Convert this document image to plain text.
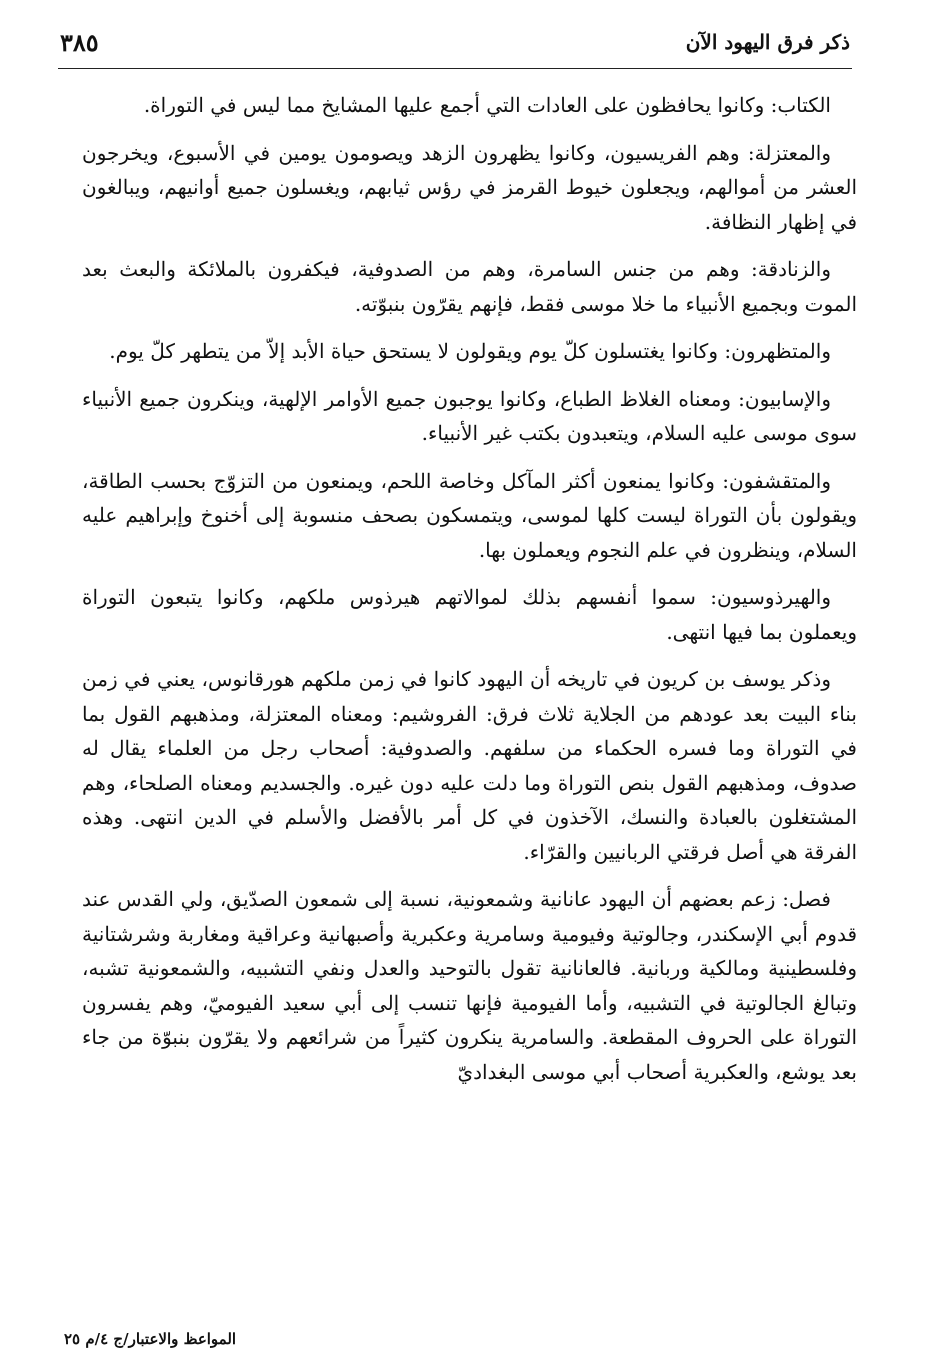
ذكر فرق اليهود الآن
٣٨٥

الكتاب: وكانوا يحافظون على العادات التي أجمع عليها المشايخ مما ليس في التوراة.

والمعتزلة: وهم الفريسيون، وكانوا يظهرون الزهد ويصومون يومين في الأسبوع، ويخرجون العشر من أموالهم، ويجعلون خيوط القرمز في رؤس ثيابهم، ويغسلون جميع أوانيهم، ويبالغون في إظهار النظافة.

والزنادقة: وهم من جنس السامرة، وهم من الصدوفية، فيكفرون بالملائكة والبعث بعد الموت وبجميع الأنبياء ما خلا موسى فقط، فإنهم يقرّون بنبوّته.

والمتظهرون: وكانوا يغتسلون كلّ يوم ويقولون لا يستحق حياة الأبد إلاّ من يتطهر كلّ يوم.

والإسابيون: ومعناه الغلاظ الطباع، وكانوا يوجبون جميع الأوامر الإلهية، وينكرون جميع الأنبياء سوى موسى عليه السلام، ويتعبدون بكتب غير الأنبياء.

والمتقشفون: وكانوا يمنعون أكثر المآكل وخاصة اللحم، ويمنعون من التزوّج بحسب الطاقة، ويقولون بأن التوراة ليست كلها لموسى، ويتمسكون بصحف منسوبة إلى أخنوخ وإبراهيم عليه السلام، وينظرون في علم النجوم ويعملون بها.

والهيرذوسيون: سموا أنفسهم بذلك لموالاتهم هيرذوس ملكهم، وكانوا يتبعون التوراة ويعملون بما فيها انتهى.

وذكر يوسف بن كريون في تاريخه أن اليهود كانوا في زمن ملكهم هورقانوس، يعني في زمن بناء البيت بعد عودهم من الجلاية ثلاث فرق: الفروشيم: ومعناه المعتزلة، ومذهبهم القول بما في التوراة وما فسره الحكماء من سلفهم. والصدوفية: أصحاب رجل من العلماء يقال له صدوف، ومذهبهم القول بنص التوراة وما دلت عليه دون غيره. والجسديم ومعناه الصلحاء، وهم المشتغلون بالعبادة والنسك، الآخذون في كل أمر بالأفضل والأسلم في الدين انتهى. وهذه الفرقة هي أصل فرقتي الربانيين والقرّاء.

فصل: زعم بعضهم أن اليهود عانانية وشمعونية، نسبة إلى شمعون الصدّيق، ولي القدس عند قدوم أبي الإسكندر، وجالوتية وفيومية وسامرية وعكبرية وأصبهانية وعراقية ومغاربة وشرشتانية وفلسطينية ومالكية وربانية. فالعانانية تقول بالتوحيد والعدل ونفي التشبيه، والشمعونية تشبه، وتبالغ الجالوتية في التشبيه، وأما الفيومية فإنها تنسب إلى أبي سعيد الفيوميّ، وهم يفسرون التوراة على الحروف المقطعة. والسامرية ينكرون كثيراً من شرائعهم ولا يقرّون بنبوّة من جاء بعد يوشع، والعكبرية أصحاب أبي موسى البغداديّ

المواعظ والاعتبار/ج ٤/م ٢٥
